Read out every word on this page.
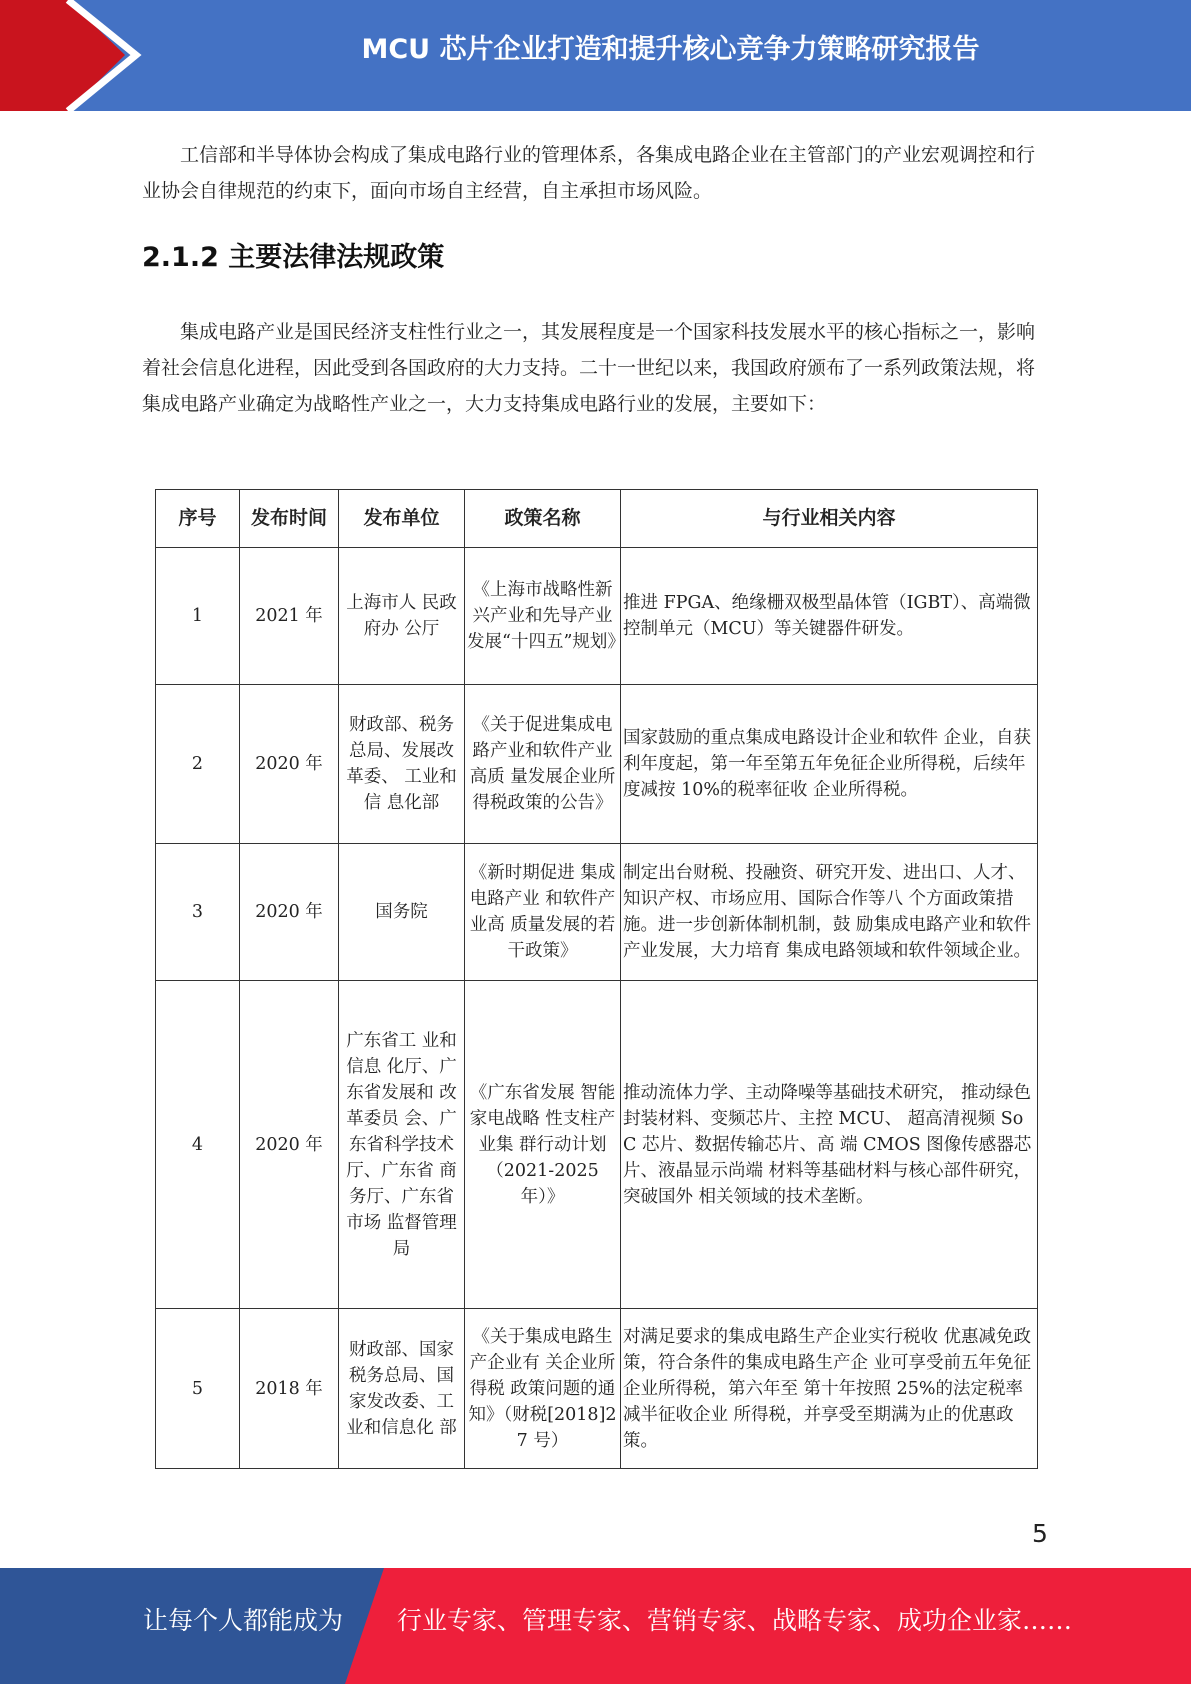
MCU 芯片企业打造和提升核心竞争力策略研究报告

工信部和半导体协会构成了集成电路行业的管理体系，各集成电路企业在主管部门的产业宏观调控和行业协会自律规范的约束下，面向市场自主经营，自主承担市场风险。

2.1.2 主要法律法规政策

集成电路产业是国民经济支柱性行业之一，其发展程度是一个国家科技发展水平的核心指标之一，影响着社会信息化进程，因此受到各国政府的大力支持。二十一世纪以来，我国政府颁布了一系列政策法规，将集成电路产业确定为战略性产业之一，大力支持集成电路行业的发展，主要如下：

序号	发布时间	发布单位	政策名称	与行业相关内容
1	2021 年	上海市人 民政府办 公厅	《上海市战略性新兴产业和先导产业发展“十四五”规划》	推进 FPGA、绝缘栅双极型晶体管（IGBT）、高端微控制单元（MCU）等关键器件研发。
2	2020 年	财政部、税务总局、发展改革委、 工业和信 息化部	《关于促进集成电路产业和软件产业高质 量发展企业所 得税政策的公告》	国家鼓励的重点集成电路设计企业和软件 企业，自获利年度起，第一年至第五年免征企业所得税，后续年度减按 10%的税率征收 企业所得税。
3	2020 年	国务院	《新时期促进 集成电路产业 和软件产业高 质量发展的若 干政策》	制定出台财税、投融资、研究开发、进出口、人才、知识产权、市场应用、国际合作等八 个方面政策措施。进一步创新体制机制，鼓 励集成电路产业和软件产业发展，大力培育 集成电路领域和软件领域企业。
4	2020 年	广东省工 业和信息 化厅、广东省发展和 改革委员 会、广东省科学技术 厅、广东省 商务厅、广东省市场 监督管理 局	《广东省发展 智能家电战略 性支柱产业集 群行动计划（2021-2025 年）》	推动流体力学、主动降噪等基础技术研究， 推动绿色封装材料、变频芯片、主控 MCU、 超高清视频 SoC 芯片、数据传输芯片、高 端 CMOS 图像传感器芯片、液晶显示尚端 材料等基础材料与核心部件研究，突破国外 相关领域的技术垄断。
5	2018 年	财政部、国家税务总局、国家发改委、工业和信息化 部	《关于集成电路生产企业有 关企业所得税 政策问题的通知》（财税[2018]27 号）	对满足要求的集成电路生产企业实行税收 优惠减免政策，符合条件的集成电路生产企 业可享受前五年免征企业所得税，第六年至 第十年按照 25%的法定税率减半征收企业 所得税，并享受至期满为止的优惠政策。
5
让每个人都能成为 行业专家、管理专家、营销专家、战略专家、成功企业家……
